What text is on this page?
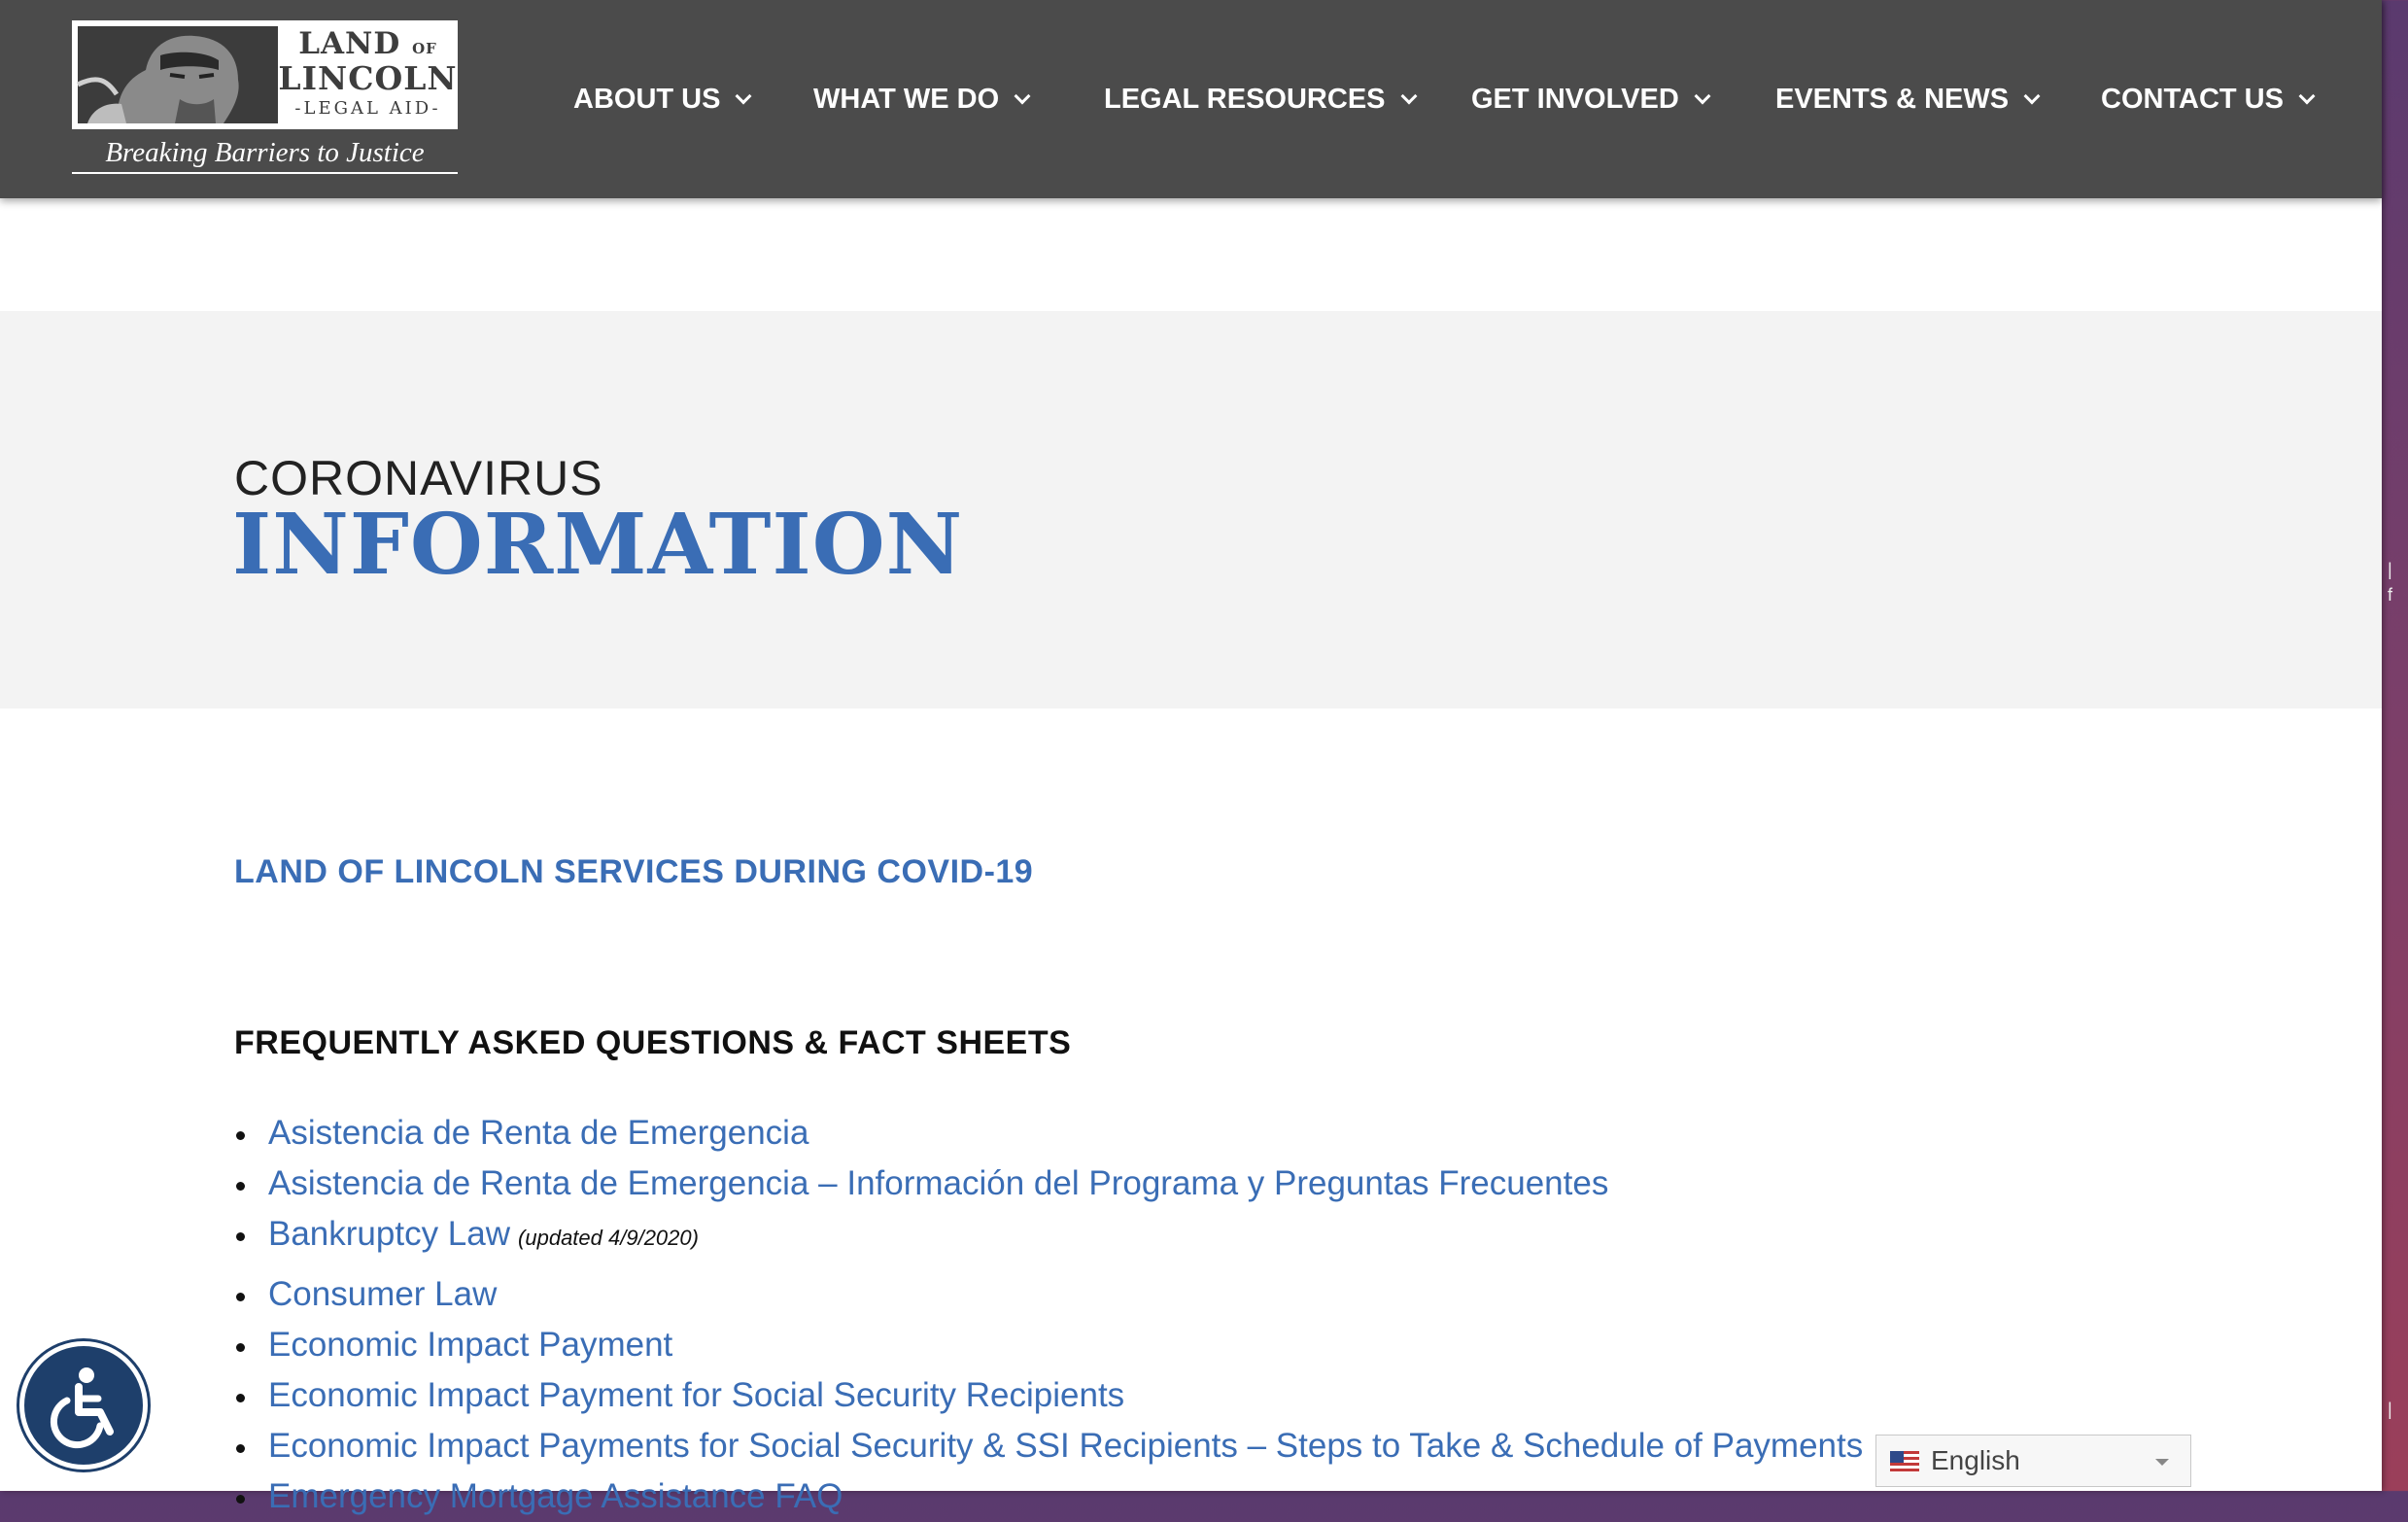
LAND OF
LINCOLN
-LEGAL AID-
Breaking Barriers to Justice
ABOUT US	WHAT WE DO	LEGAL RESOURCES	GET INVOLVED	EVENTS & NEWS	CONTACT US
CORONAVIRUS
INFORMATION
LAND OF LINCOLN SERVICES DURING COVID-19
FREQUENTLY ASKED QUESTIONS & FACT SHEETS
Asistencia de Renta de Emergencia
Asistencia de Renta de Emergencia – Información del Programa y Preguntas Frecuentes
Bankruptcy Law (updated 4/9/2020)
Consumer Law
Economic Impact Payment
Economic Impact Payment for Social Security Recipients
Economic Impact Payments for Social Security & SSI Recipients – Steps to Take & Schedule of Payments
Emergency Mortgage Assistance FAQ
English
|
f
|
